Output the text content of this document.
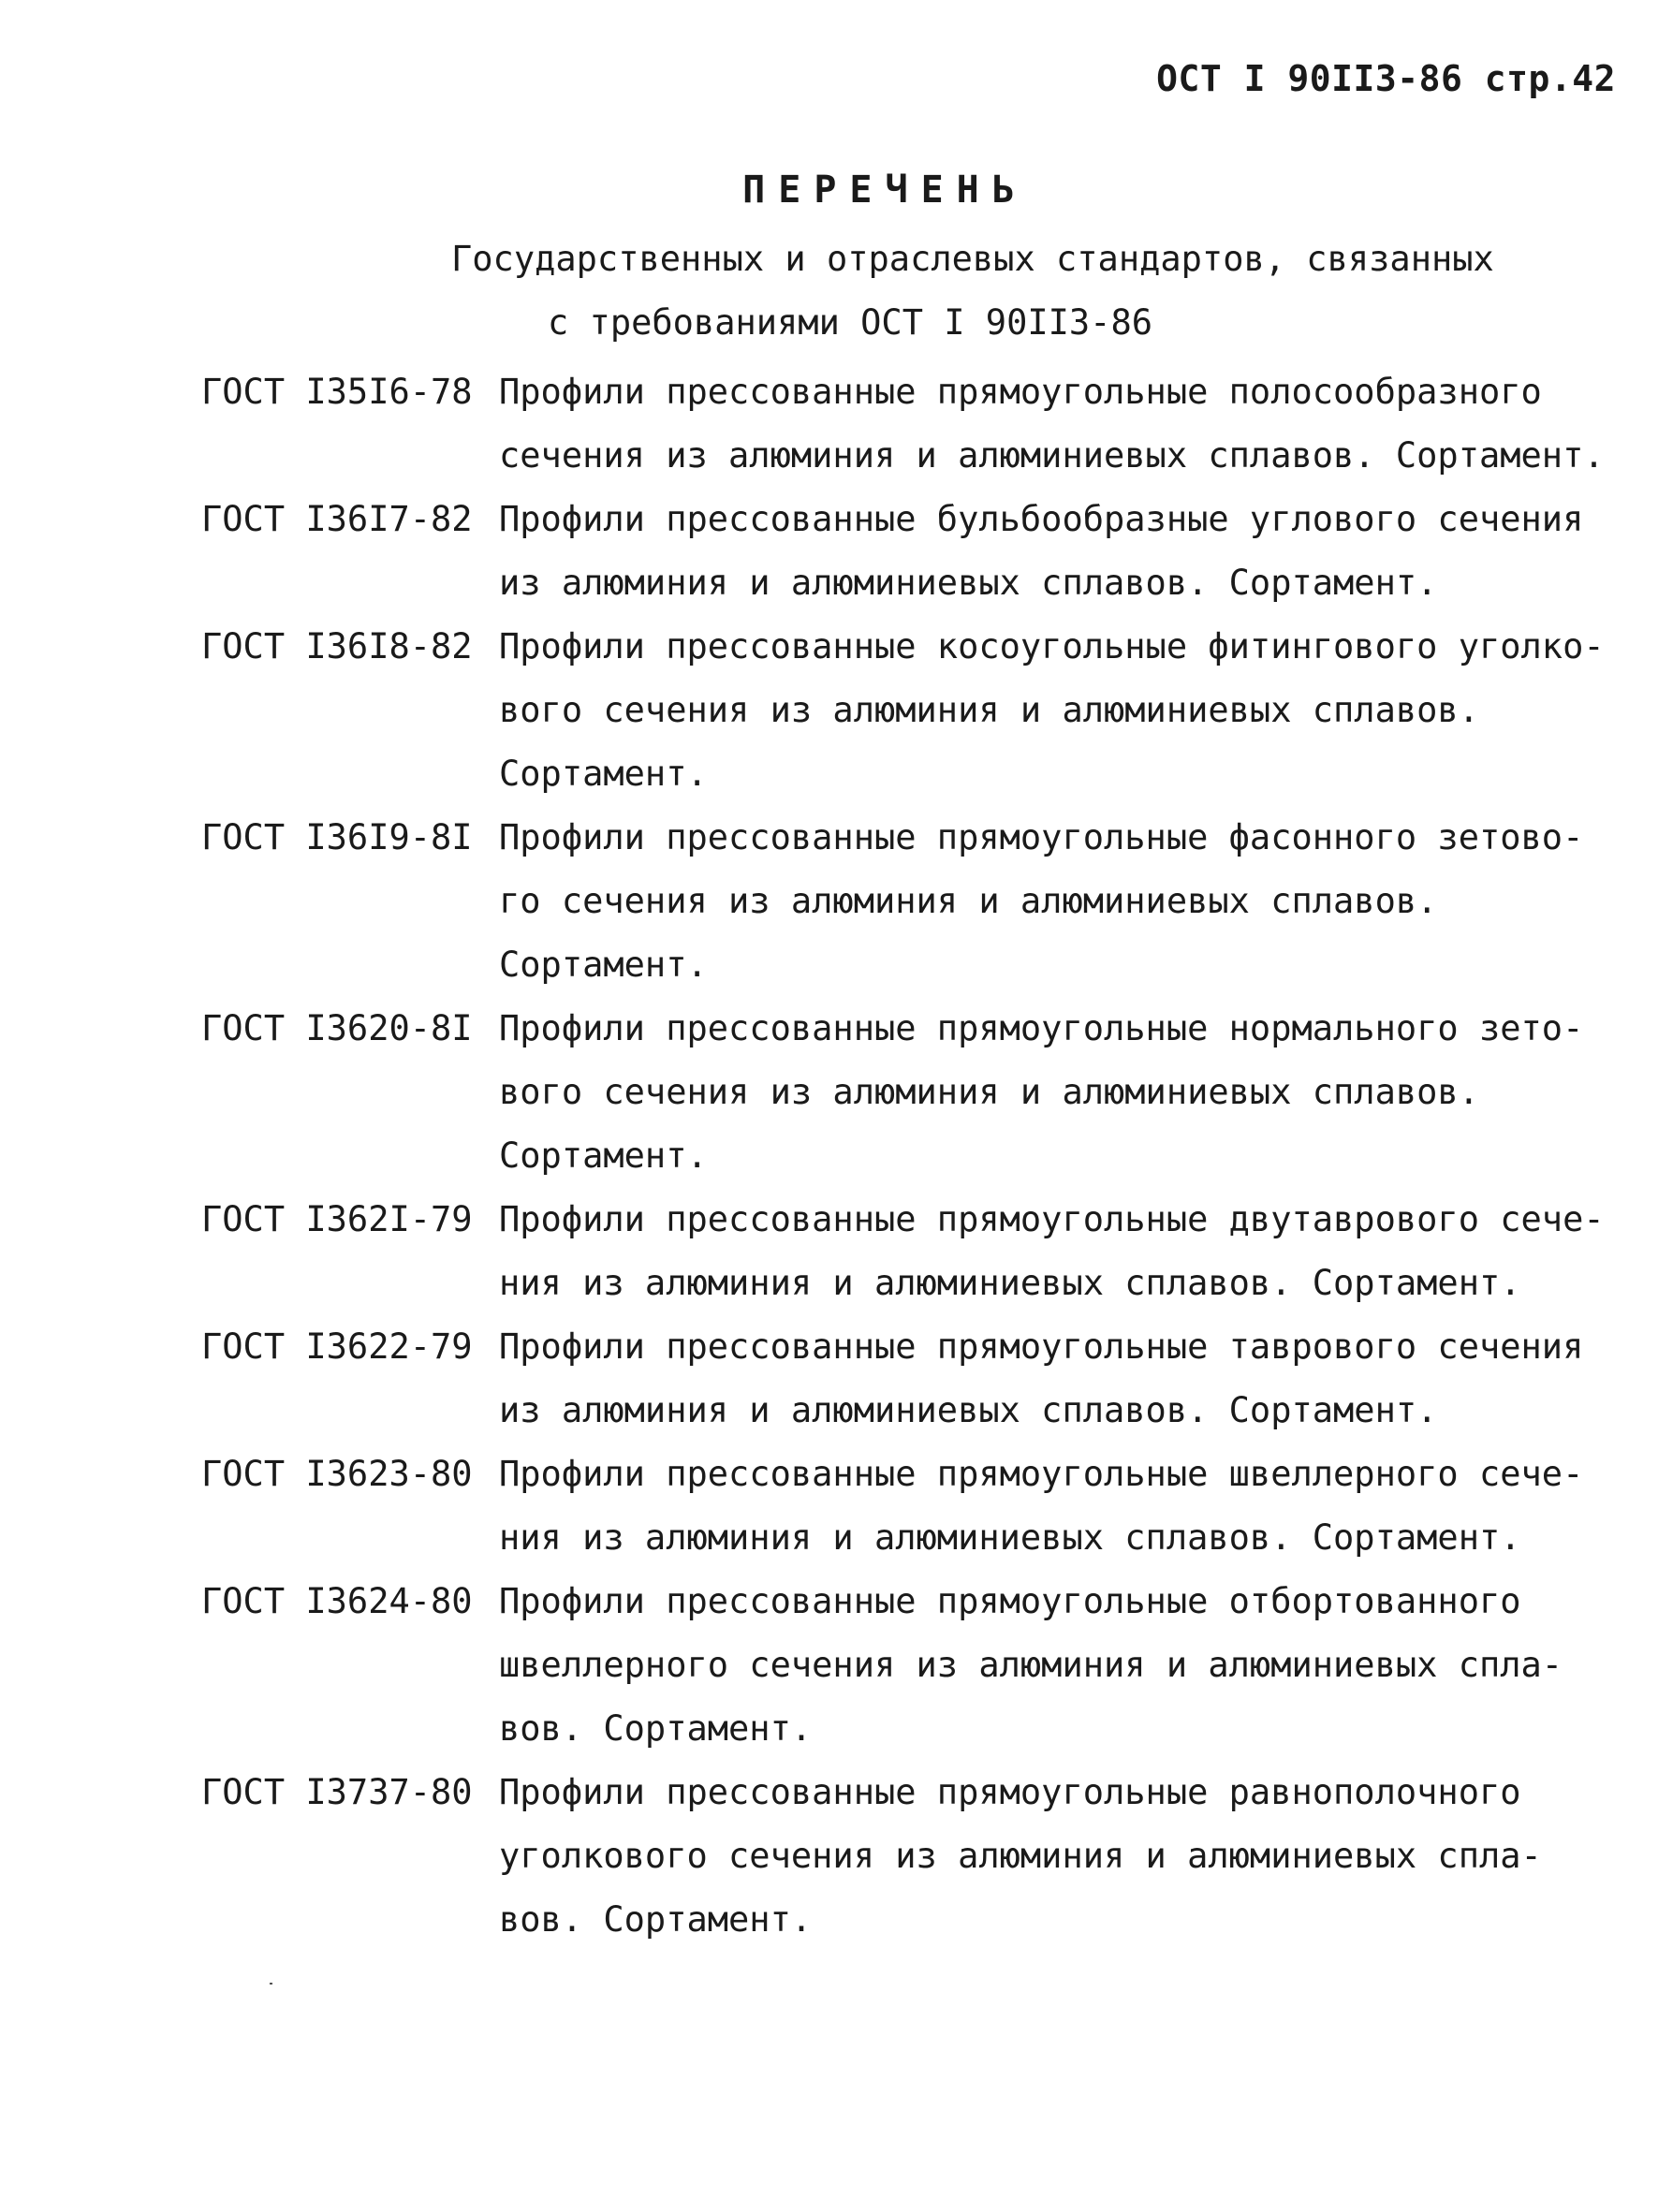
ОСТ I 90II3-86 стр.42
ПЕРЕЧЕНЬ
Государственных и отраслевых стандартов, связанных
с требованиями ОСТ I 90II3-86
ГОСТ I35I6-78 Профили прессованные прямоугольные полосообразного
сечения из алюминия и алюминиевых сплавов. Сортамент.
ГОСТ I36I7-82 Профили прессованные бульбообразные углового сечения
из алюминия и алюминиевых сплавов. Сортамент.
ГОСТ I36I8-82 Профили прессованные косоугольные фитингового уголко-
вого сечения из алюминия и алюминиевых сплавов.
Сортамент.
ГОСТ I36I9-8I Профили прессованные прямоугольные фасонного зетово-
го сечения из алюминия и алюминиевых сплавов.
Сортамент.
ГОСТ I3620-8I Профили прессованные прямоугольные нормального зето-
вого сечения из алюминия и алюминиевых сплавов.
Сортамент.
ГОСТ I362I-79 Профили прессованные прямоугольные двутаврового сече-
ния из алюминия и алюминиевых сплавов. Сортамент.
ГОСТ I3622-79 Профили прессованные прямоугольные таврового сечения
из алюминия и алюминиевых сплавов. Сортамент.
ГОСТ I3623-80 Профили прессованные прямоугольные швеллерного сече-
ния из алюминия и алюминиевых сплавов. Сортамент.
ГОСТ I3624-80 Профили прессованные прямоугольные отбортованного
швеллерного сечения из алюминия и алюминиевых спла-
вов. Сортамент.
ГОСТ I3737-80 Профили прессованные прямоугольные равнополочного
уголкового сечения из алюминия и алюминиевых спла-
вов. Сортамент.
